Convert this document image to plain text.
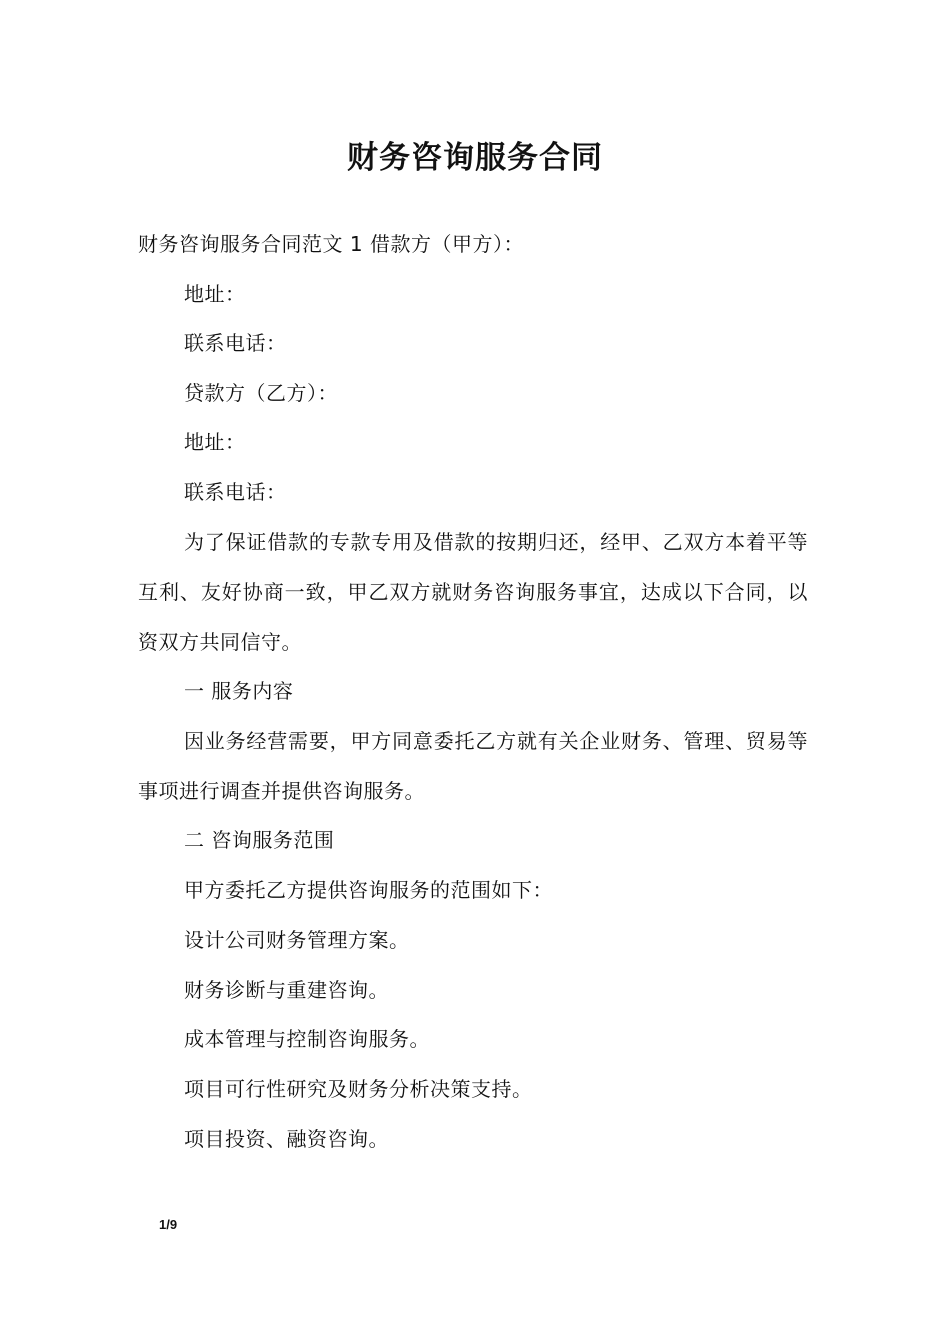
财务咨询服务合同
财务咨询服务合同范文 1 借款方（甲方）：
地址：
联系电话：
贷款方（乙方）：
地址：
联系电话：
为了保证借款的专款专用及借款的按期归还，经甲、乙双方本着平等互利、友好协商一致，甲乙双方就财务咨询服务事宜，达成以下合同，以资双方共同信守。
一 服务内容
因业务经营需要，甲方同意委托乙方就有关企业财务、管理、贸易等事项进行调查并提供咨询服务。
二 咨询服务范围
甲方委托乙方提供咨询服务的范围如下：
设计公司财务管理方案。
财务诊断与重建咨询。
成本管理与控制咨询服务。
项目可行性研究及财务分析决策支持。
项目投资、融资咨询。
1/9
